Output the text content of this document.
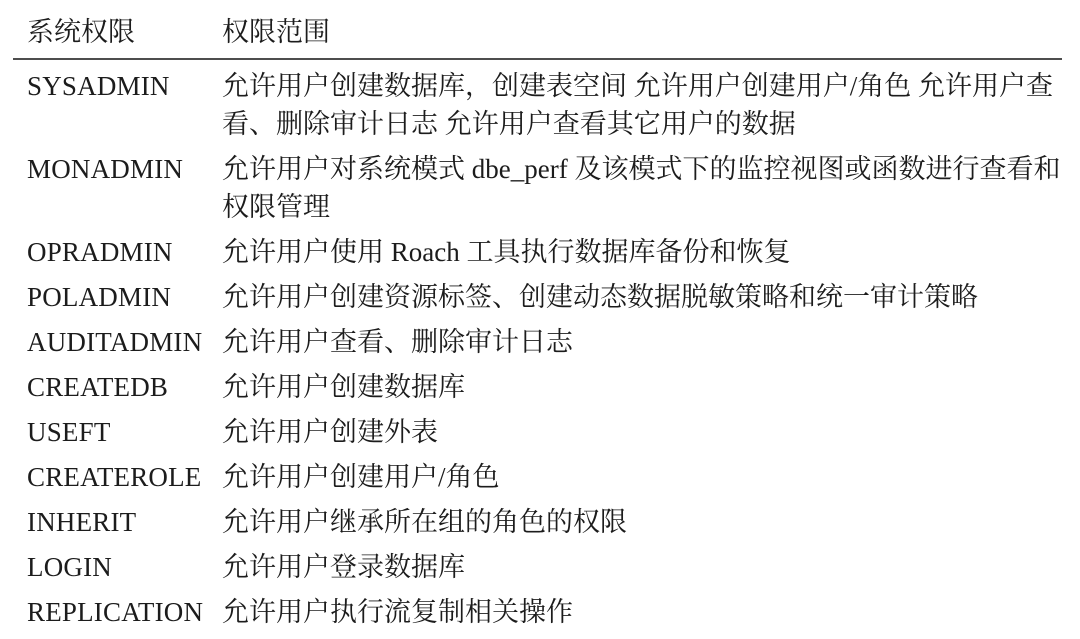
系统权限	权限范围
SYSADMIN	允许用户创建数据库，创建表空间 允许用户创建用户/角色 允许用户查看、删除审计日志 允许用户查看其它用户的数据
MONADMIN	允许用户对系统模式 dbe_perf 及该模式下的监控视图或函数进行查看和权限管理
OPRADMIN	允许用户使用 Roach 工具执行数据库备份和恢复
POLADMIN	允许用户创建资源标签、创建动态数据脱敏策略和统一审计策略
AUDITADMIN	允许用户查看、删除审计日志
CREATEDB	允许用户创建数据库
USEFT	允许用户创建外表
CREATEROLE	允许用户创建用户/角色
INHERIT	允许用户继承所在组的角色的权限
LOGIN	允许用户登录数据库
REPLICATION	允许用户执行流复制相关操作
